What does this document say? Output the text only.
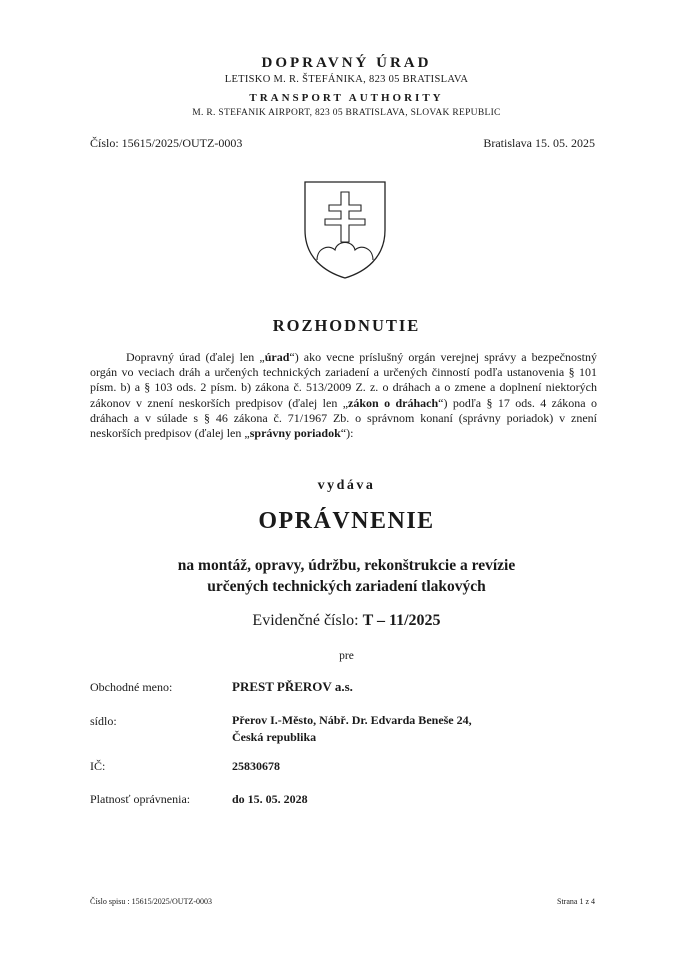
DOPRAVNÝ ÚRAD
LETISKO M. R. ŠTEFÁNIKA, 823 05 BRATISLAVA
TRANSPORT AUTHORITY
M. R. STEFANIK AIRPORT, 823 05 BRATISLAVA, SLOVAK REPUBLIC
Číslo: 15615/2025/OUTZ-0003	Bratislava 15. 05. 2025
ROZHODNUTIE
Dopravný úrad (ďalej len „úrad“) ako vecne príslušný orgán verejnej správy a bezpečnostný orgán vo veciach dráh a určených technických zariadení a určených činností podľa ustanovenia § 101 písm. b) a § 103 ods. 2 písm. b) zákona č. 513/2009 Z. z. o dráhach a o zmene a doplnení niektorých zákonov v znení neskorších predpisov (ďalej len „zákon o dráhach“) podľa § 17 ods. 4 zákona o dráhach a v súlade s § 46 zákona č. 71/1967 Zb. o správnom konaní (správny poriadok) v znení neskorších predpisov (ďalej len „správny poriadok“):
vydáva
OPRÁVNENIE
na montáž, opravy, údržbu, rekonštrukcie a revízie
určených technických zariadení tlakových
Evidenčné číslo: T – 11/2025
pre
Obchodné meno:	PREST PŘEROV a.s.
sídlo:	Přerov I.-Město, Nábř. Dr. Edvarda Beneše 24,
Česká republika
IČ:	25830678
Platnosť oprávnenia:	do 15. 05. 2028
Číslo spisu : 15615/2025/OUTZ-0003	Strana 1 z 4
